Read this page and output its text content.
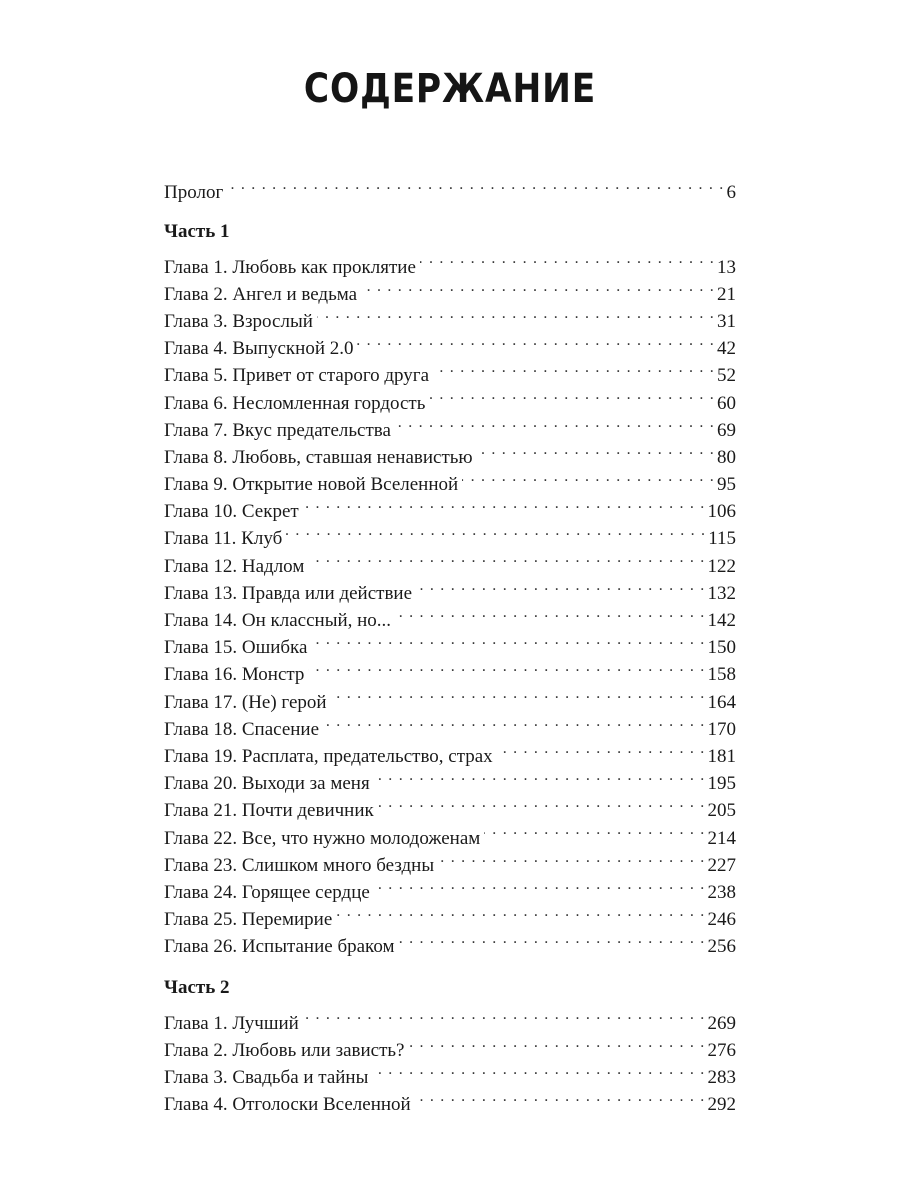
СОДЕРЖАНИЕ
Пролог . . .	6
Часть 1
Глава 1. Любовь как проклятие . . .	13
Глава 2. Ангел и ведьма . . .	21
Глава 3. Взрослый . . .	31
Глава 4. Выпускной 2.0 . . .	42
Глава 5. Привет от старого друга . . .	52
Глава 6. Несломленная гордость . . .	60
Глава 7. Вкус предательства . . .	69
Глава 8. Любовь, ставшая ненавистью . . .	80
Глава 9. Открытие новой Вселенной . . .	95
Глава 10. Секрет . . .	106
Глава 11. Клуб . . .	115
Глава 12. Надлом . . .	122
Глава 13. Правда или действие . . .	132
Глава 14. Он классный, но... . . .	142
Глава 15. Ошибка . . .	150
Глава 16. Монстр . . .	158
Глава 17. (Не) герой . . .	164
Глава 18. Спасение . . .	170
Глава 19. Расплата, предательство, страх . . .	181
Глава 20. Выходи за меня . . .	195
Глава 21. Почти девичник . . .	205
Глава 22. Все, что нужно молодоженам . . .	214
Глава 23. Слишком много бездны . . .	227
Глава 24. Горящее сердце . . .	238
Глава 25. Перемирие . . .	246
Глава 26. Испытание браком . . .	256
Часть 2
Глава 1. Лучший . . .	269
Глава 2. Любовь или зависть? . . .	276
Глава 3. Свадьба и тайны . . .	283
Глава 4. Отголоски Вселенной . . .	292
